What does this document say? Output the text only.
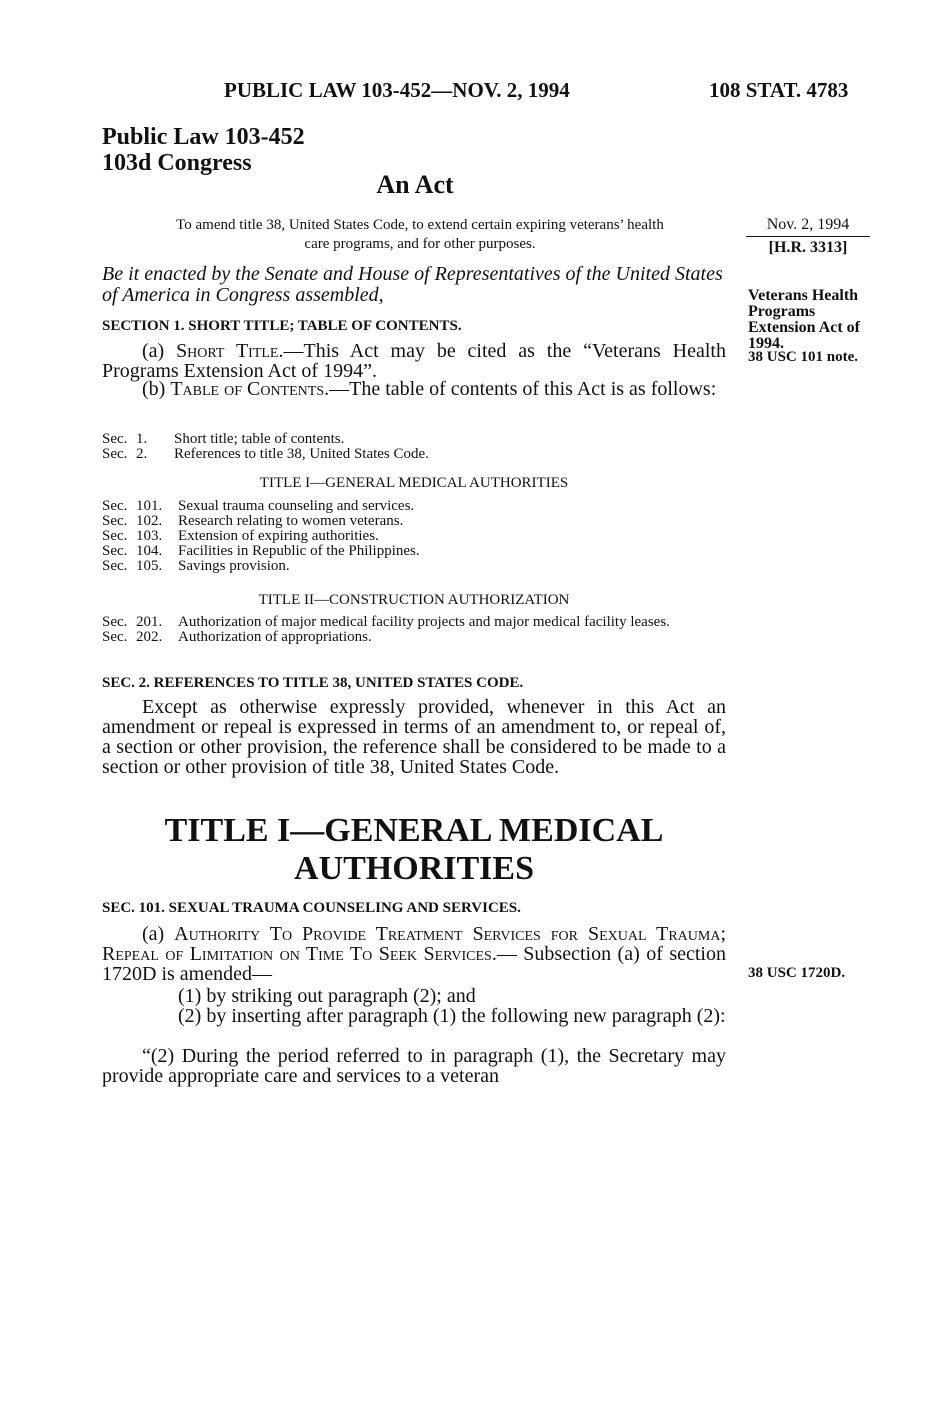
PUBLIC LAW 103-452—NOV. 2, 1994	108 STAT. 4783
Public Law 103-452
103d Congress
An Act
To amend title 38, United States Code, to extend certain expiring veterans’ health
care programs, and for other purposes.
Nov. 2, 1994
[H.R. 3313]
Veterans Health Programs Extension Act of 1994.
38 USC 101 note.
38 USC 1720D.
Be it enacted by the Senate and House of Representatives of the United States of America in Congress assembled,
SECTION 1. SHORT TITLE; TABLE OF CONTENTS.
(a) Short Title.—This Act may be cited as the “Veterans Health Programs Extension Act of 1994”.
(b) Table of Contents.—The table of contents of this Act is as follows:
Sec. 1.	Short title; table of contents.
Sec. 2.	References to title 38, United States Code.
TITLE I—GENERAL MEDICAL AUTHORITIES
Sec. 101.	Sexual trauma counseling and services.
Sec. 102.	Research relating to women veterans.
Sec. 103.	Extension of expiring authorities.
Sec. 104.	Facilities in Republic of the Philippines.
Sec. 105.	Savings provision.
TITLE II—CONSTRUCTION AUTHORIZATION
Sec. 201.	Authorization of major medical facility projects and major medical facility leases.
Sec. 202.	Authorization of appropriations.
SEC. 2. REFERENCES TO TITLE 38, UNITED STATES CODE.
Except as otherwise expressly provided, whenever in this Act an amendment or repeal is expressed in terms of an amendment to, or repeal of, a section or other provision, the reference shall be considered to be made to a section or other provision of title 38, United States Code.
TITLE I—GENERAL MEDICAL
AUTHORITIES
SEC. 101. SEXUAL TRAUMA COUNSELING AND SERVICES.
(a) Authority To Provide Treatment Services for Sexual Trauma; Repeal of Limitation on Time To Seek Services.— Subsection (a) of section 1720D is amended—
(1) by striking out paragraph (2); and
(2) by inserting after paragraph (1) the following new paragraph (2):
“(2) During the period referred to in paragraph (1), the Secretary may provide appropriate care and services to a veteran
